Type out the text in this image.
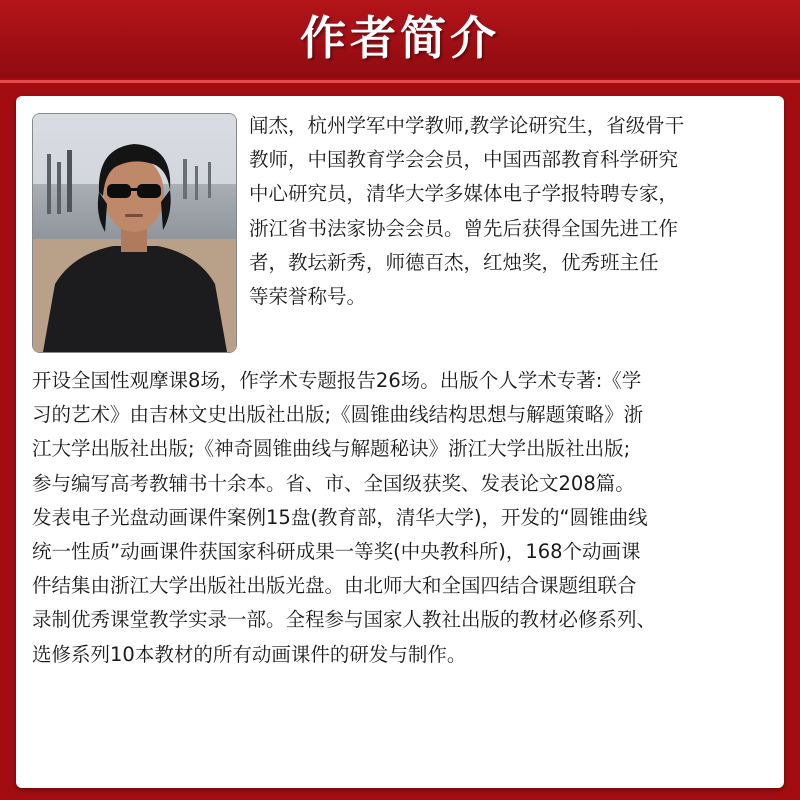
作者简介
闻杰，杭州学军中学教师,教学论研究生，省级骨干
教师，中国教育学会会员，中国西部教育科学研究
中心研究员，清华大学多媒体电子学报特聘专家，
浙江省书法家协会会员。曾先后获得全国先进工作
者，教坛新秀，师德百杰，红烛奖，优秀班主任
等荣誉称号。
开设全国性观摩课8场，作学术专题报告26场。出版个人学术专著:《学
习的艺术》由吉林文史出版社出版;《圆锥曲线结构思想与解题策略》浙
江大学出版社出版;《神奇圆锥曲线与解题秘诀》浙江大学出版社出版;
参与编写高考教辅书十余本。省、市、全国级获奖、发表论文208篇。
发表电子光盘动画课件案例15盘(教育部，清华大学)，开发的“圆锥曲线
统一性质”动画课件获国家科研成果一等奖(中央教科所)，168个动画课
件结集由浙江大学出版社出版光盘。由北师大和全国四结合课题组联合
录制优秀课堂教学实录一部。全程参与国家人教社出版的教材必修系列、
选修系列10本教材的所有动画课件的研发与制作。
